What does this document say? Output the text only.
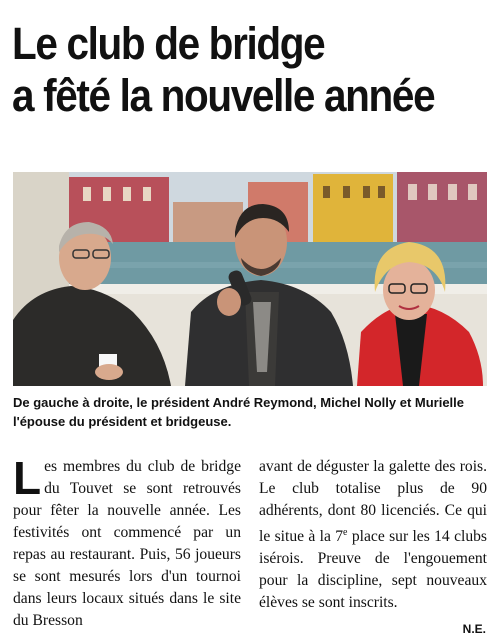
Le club de bridge
a fêté la nouvelle année
De gauche à droite, le président André Reymond, Michel Nolly et Murielle l'épouse du président et bridgeuse.
Les membres du club de bridge du Touvet se sont retrouvés pour fêter la nouvelle année. Les festivités ont commencé par un repas au restaurant. Puis, 56 joueurs se sont mesurés lors d'un tournoi dans leurs locaux situés dans le site du Bresson
avant de déguster la galette des rois. Le club totalise plus de 90 adhérents, dont 80 licenciés. Ce qui le situe à la 7e place sur les 14 clubs isérois. Preuve de l'engouement pour la discipline, sept nouveaux élèves se sont inscrits.
N.E.
